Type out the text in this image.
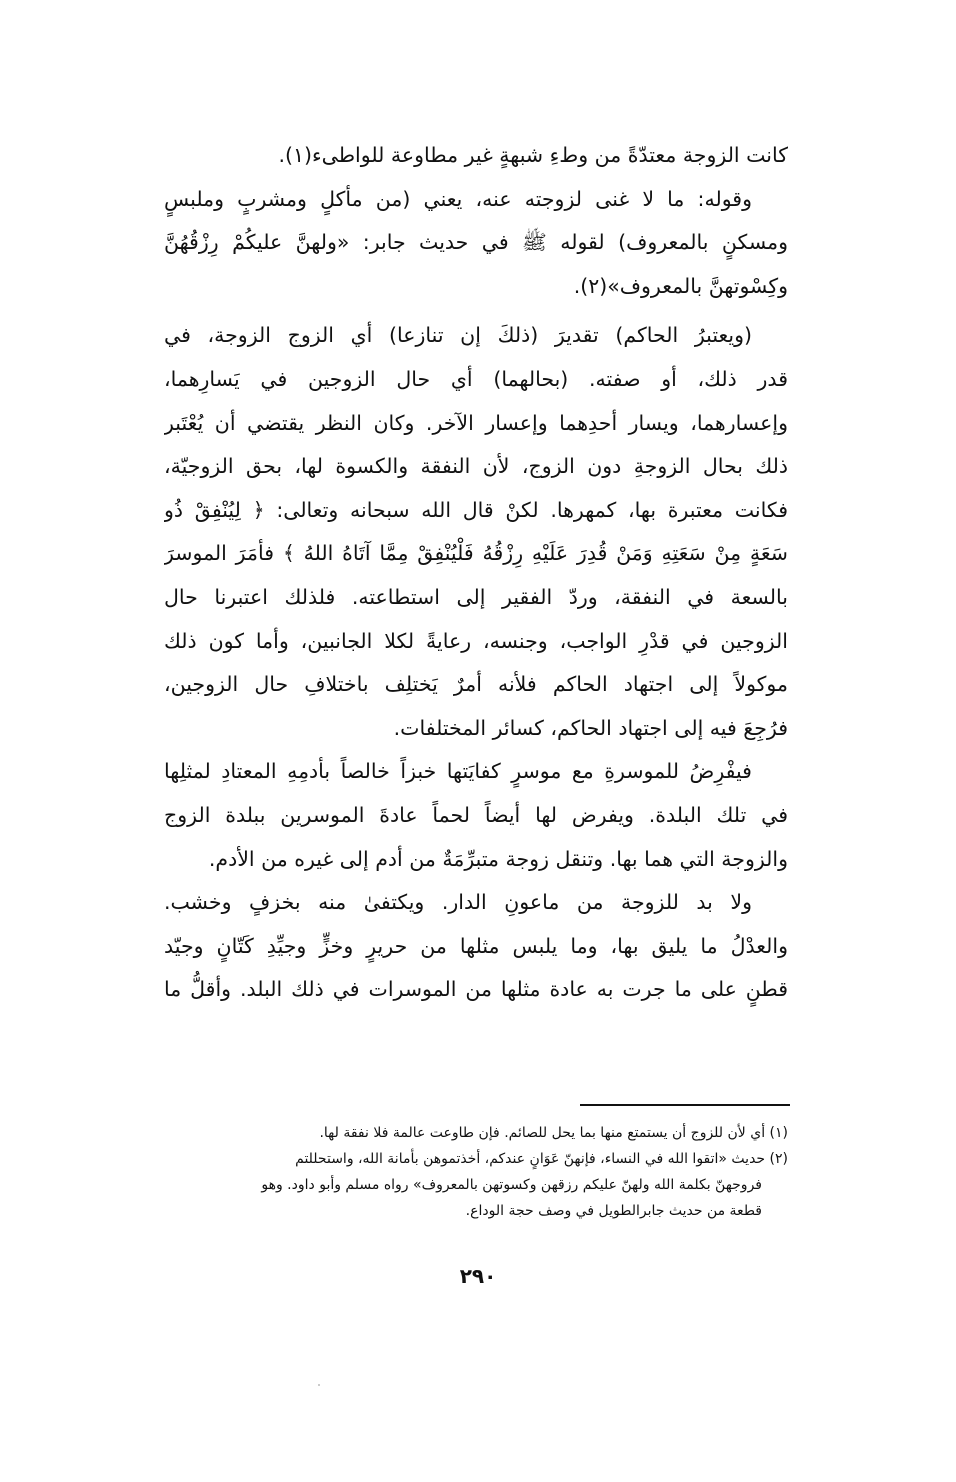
كانت الزوجة معتدّةً من وطءِ شبهةٍ غير مطاوعة للواطىء(١).
وقوله: ما لا غنى لزوجته عنه، يعني (من مأكلٍ ومشربٍ وملبسٍ
ومسكنٍ بالمعروف) لقوله ﷺ في حديث جابر: «ولهنَّ عليكُمْ رِزْقُهُنَّ
وكِسْوتهنَّ بالمعروف»(٢).
(ويعتبرُ الحاكم) تقديرَ (ذلكَ إن تنازعا) أي الزوج الزوجة، في
قدر ذلك، أو صفته. (بحالهما) أي حال الزوجين في يَسارِهما،
وإعسارهما، ويسار أحدِهما وإعسار الآخر. وكان النظر يقتضي أن يُعْتَبر
ذلك بحال الزوجةِ دون الزوج، لأن النفقة والكسوة لها، بحق الزوجيّة،
فكانت معتبرة بها، كمهرها. لكنْ قال الله سبحانه وتعالى: ﴿ لِيُنْفِقْ ذُو
سَعَةٍ مِنْ سَعَتِهِ وَمَنْ قُدِرَ عَلَيْهِ رِزْقُهُ فَلْيُنْفِقْ مِمَّا آتَاهُ اللهُ ﴾ فأمَرَ الموسرَ
بالسعة في النفقة، وردّ الفقير إلى استطاعته. فلذلك اعتبرنا حال
الزوجين في قدْرِ الواجب، وجنسه، رعايةً لكلا الجانبين، وأما كون ذلك
موكولاً إلى اجتهاد الحاكم فلأنه أمرٌ يَختلِف باختلافِ حال الزوجين،
فرُجِعَ فيه إلى اجتهاد الحاكم، كسائر المختلفات.
فيفْرِضُ للموسرةِ مع موسرٍ كفايَتها خبزاً خالصاً بأدمِهِ المعتادِ لمثلِها
في تلك البلدة. ويفرض لها أيضاً لحماً عادةَ الموسرين ببلدة الزوج
والزوجة التي هما بها. وتنقل زوجة متبرِّمَةٌ من أدم إلى غيره من الأدم.
ولا بد للزوجة من ماعونِ الدار. ويكتفىٰ منه بخزفٍ وخشب.
والعدْلُ ما يليق بها، وما يلبس مثلها من حريرٍ وخزٍّ وجيِّدِ كَتّانٍ وجيّد
قطنٍ على ما جرت به عادة مثلها من الموسرات في ذلك البلد. وأقلُّ ما
(١) أي لأن للزوج أن يستمتع منها بما يحل للصائم. فإن طاوعت عالمة فلا نفقة لها.
(٢) حديث «اتقوا الله في النساء، فإنهنّ عَوَانٍ عندكم، أخذتموهن بأمانة الله، واستحللتم
فروجهنّ بكلمة الله ولهنّ عليكم رزقهن وكسوتهن بالمعروف» رواه مسلم وأبو داود. وهو
قطعة من حديث جابرالطويل في وصف حجة الوداع.
٢٩٠
